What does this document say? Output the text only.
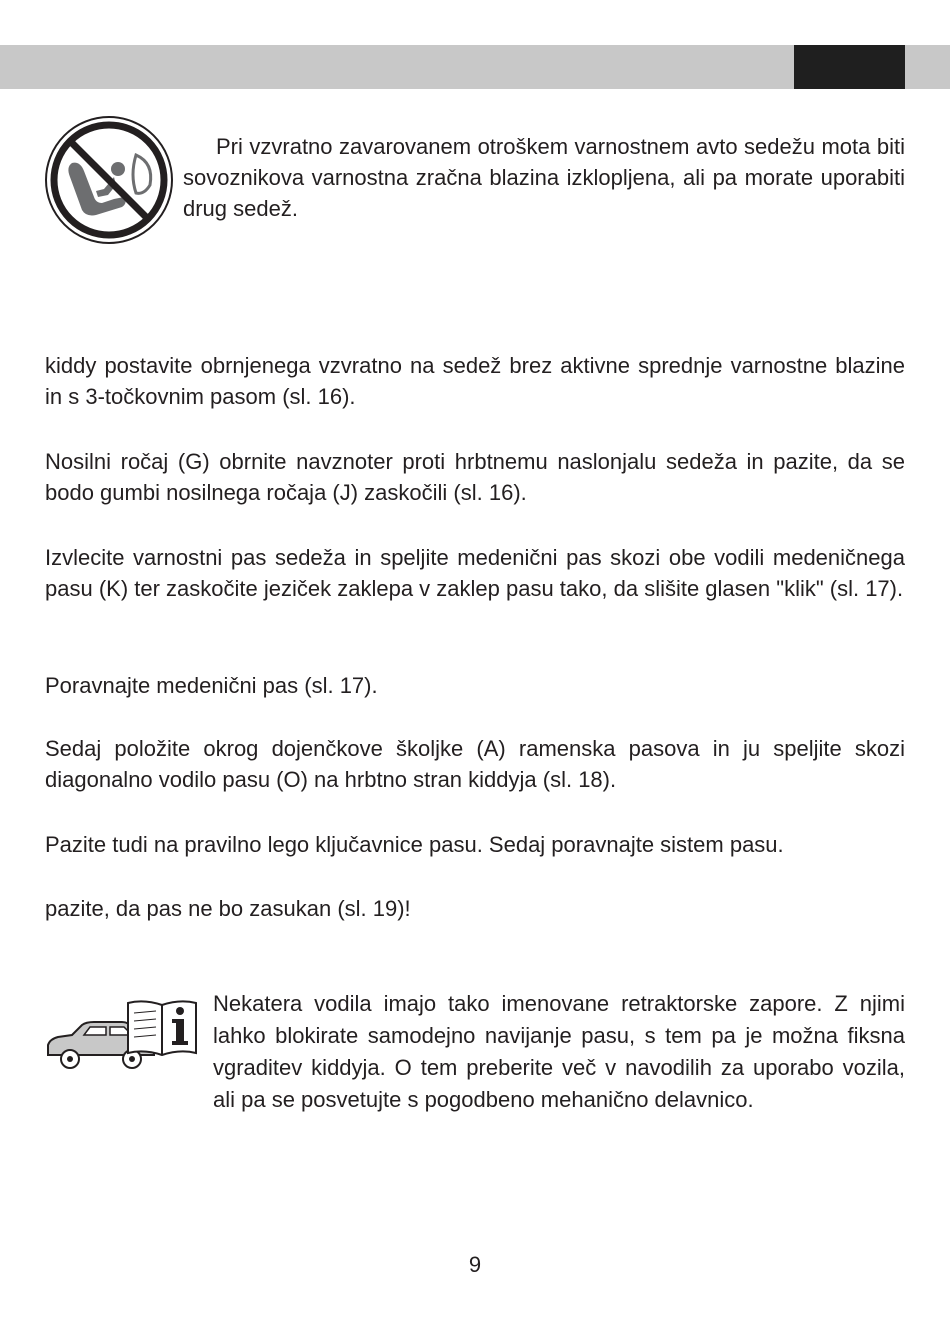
Pri vzvratno zavarovanem otroškem varnostnem avto sedežu mota biti sovoznikova varnostna zračna blazina izklopljena, ali pa morate uporabiti drug sedež.

kiddy postavite obrnjenega vzvratno na sedež brez aktivne sprednje varnostne blazine in s 3-točkovnim pasom (sl. 16).

Nosilni ročaj (G) obrnite navznoter proti hrbtnemu naslonjalu sedeža in pazite, da se bodo gumbi nosilnega ročaja (J) zaskočili (sl. 16).

Izvlecite varnostni pas sedeža in speljite medenični pas skozi obe vodili medeničnega pasu (K) ter zaskočite jeziček zaklepa v zaklep pasu tako, da slišite glasen "klik" (sl. 17).

Poravnajte medenični pas (sl. 17).

Sedaj položite okrog dojenčkove školjke (A) ramenska pasova in ju speljite skozi diagonalno vodilo pasu (O) na hrbtno stran kiddyja (sl. 18).

Pazite tudi na pravilno lego ključavnice pasu. Sedaj poravnajte sistem pasu.

pazite, da pas ne bo zasukan (sl. 19)!

Nekatera vodila imajo tako imenovane retraktorske zapore. Z njimi lahko blokirate samodejno navijanje pasu, s tem pa je možna fiksna vgraditev kiddyja. O tem preberite več v navodilih za uporabo vozila, ali pa se posvetujte s pogodbeno mehanično delavnico.

9
